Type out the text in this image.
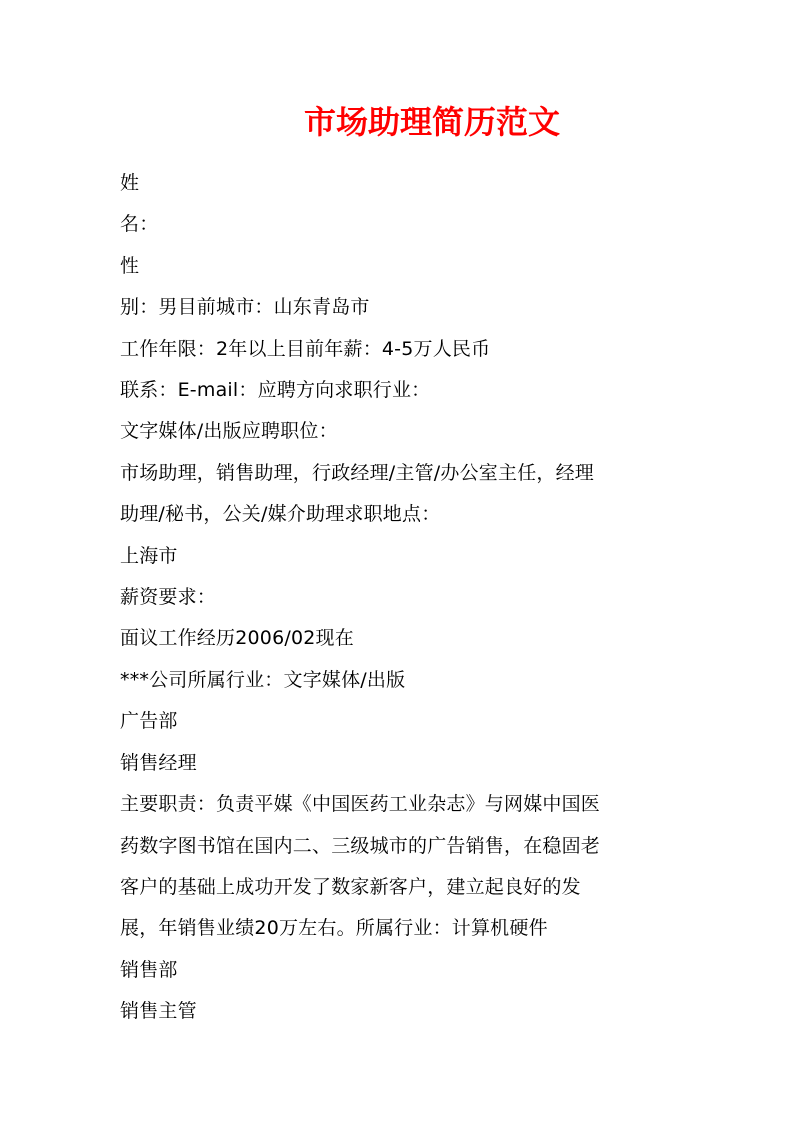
市场助理简历范文

姓

名：

性

别：男目前城市：山东青岛市

工作年限：2年以上目前年薪：4-5万人民币

联系：E-mail：应聘方向求职行业：

文字媒体/出版应聘职位：

市场助理，销售助理，行政经理/主管/办公室主任，经理

助理/秘书，公关/媒介助理求职地点：

上海市

薪资要求：

面议工作经历2006/02现在

***公司所属行业：文字媒体/出版

广告部

销售经理

主要职责：负责平媒《中国医药工业杂志》与网媒中国医

药数字图书馆在国内二、三级城市的广告销售，在稳固老

客户的基础上成功开发了数家新客户，建立起良好的发

展，年销售业绩20万左右。所属行业：计算机硬件

销售部

销售主管
